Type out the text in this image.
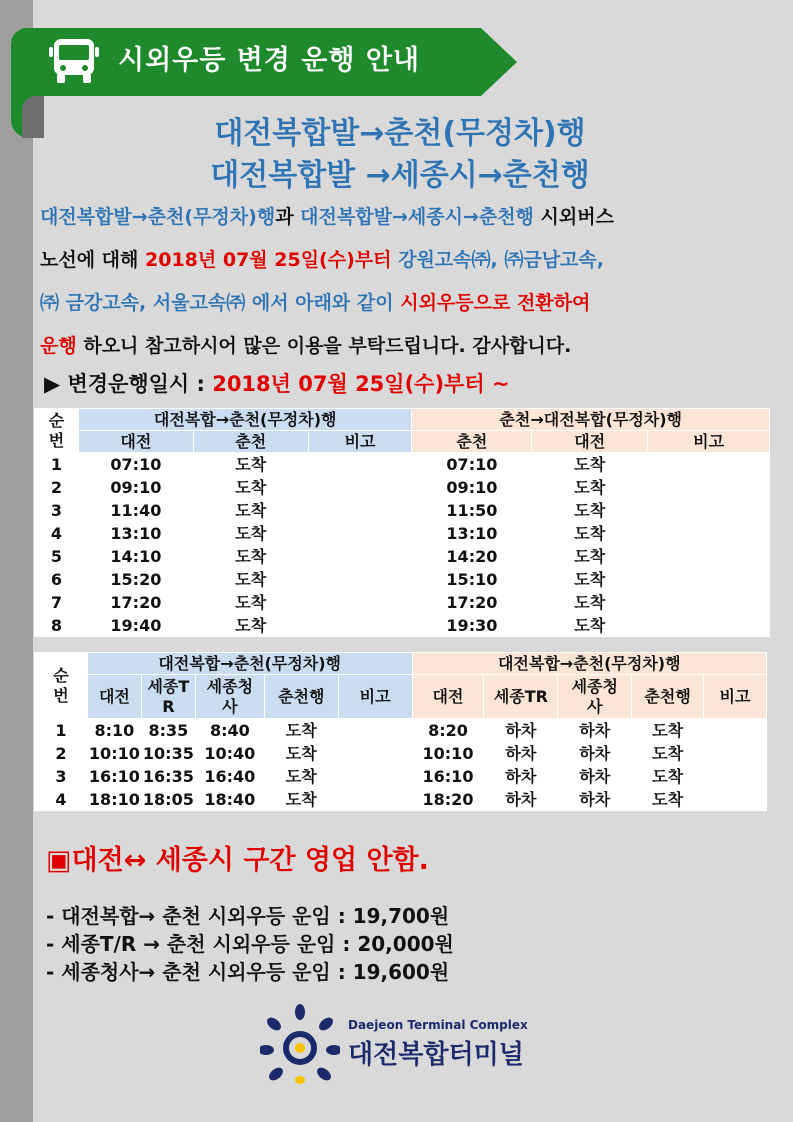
시외우등 변경 운행 안내
대전복합발→춘천(무정차)행
대전복합발 →세종시→춘천행
대전복합발→춘천(무정차)행과 대전복합발→세종시→춘천행 시외버스
노선에 대해 2018년 07월 25일(수)부터 강원고속㈜, ㈜금남고속,
㈜ 금강고속, 서울고속㈜ 에서 아래와 같이 시외우등으로 전환하여
운행 하오니 참고하시어 많은 이용을 부탁드립니다. 감사합니다.
▶ 변경운행일시 : 2018년 07월 25일(수)부터 ~
순
번	대전복합→춘천(무정차)행			춘천→대전복합(무정차)행		
	대전	춘천	비고	춘천	대전	비고
1	07:10	도착		07:10	도착	
2	09:10	도착		09:10	도착	
3	11:40	도착		11:50	도착	
4	13:10	도착		13:10	도착	
5	14:10	도착		14:20	도착	
6	15:20	도착		15:10	도착	
7	17:20	도착		17:20	도착	
8	19:40	도착		19:30	도착	
순
번	대전복합→춘천(무정차)행					대전복합→춘천(무정차)행				
	대전	세종T
R	세종청
사	춘천행	비고	대전	세종TR	세종청
사	춘천행	비고
1	8:10	8:35	8:40	도착		8:20	하차	하차	도착	
2	10:10	10:35	10:40	도착		10:10	하차	하차	도착	
3	16:10	16:35	16:40	도착		16:10	하차	하차	도착	
4	18:10	18:05	18:40	도착		18:20	하차	하차	도착	
▣대전↔ 세종시 구간 영업 안함.
- 대전복합→ 춘천 시외우등 운임 : 19,700원
- 세종T/R → 춘천 시외우등 운임 : 20,000원
- 세종청사→ 춘천 시외우등 운임 : 19,600원
Daejeon Terminal Complex
대전복합터미널
